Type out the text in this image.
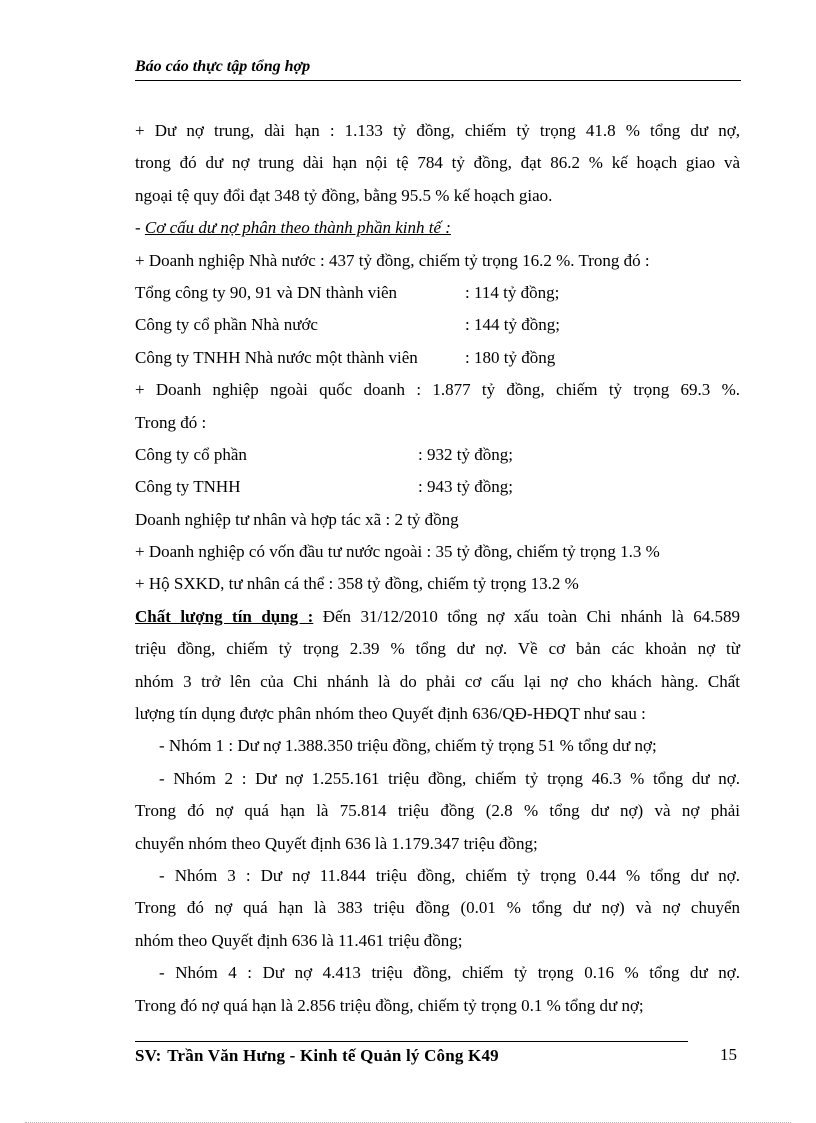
Báo cáo thực tập tổng hợp
+ Dư nợ trung, dài hạn : 1.133 tỷ đồng, chiếm tỷ trọng 41.8 % tổng dư nợ,
trong đó dư nợ trung dài hạn nội tệ 784 tỷ đồng, đạt 86.2 % kế hoạch giao và
ngoại tệ quy đổi đạt 348 tỷ đồng, bằng 95.5 % kế hoạch giao.
- Cơ cấu dư nợ phân theo thành phần kinh tế :
+ Doanh nghiệp Nhà nước : 437 tỷ đồng, chiếm tỷ trọng 16.2 %. Trong đó :
Tổng công ty 90, 91 và DN thành viên	: 114 tỷ đồng;
Công ty cổ phần Nhà nước	: 144 tỷ đồng;
Công ty TNHH Nhà nước một thành viên	: 180 tỷ đồng
+ Doanh nghiệp ngoài quốc doanh : 1.877 tỷ đồng, chiếm tỷ trọng 69.3 %.
Trong đó :
Công ty cổ phần	: 932 tỷ đồng;
Công ty TNHH	: 943 tỷ đồng;
Doanh nghiệp tư nhân và hợp tác xã : 2 tỷ đồng
+ Doanh nghiệp có vốn đầu tư nước ngoài : 35 tỷ đồng, chiếm tỷ trọng 1.3 %
+ Hộ SXKD, tư nhân cá thể : 358 tỷ đồng, chiếm tỷ trọng 13.2 %
Chất lượng tín dụng : Đến 31/12/2010 tổng nợ xấu toàn Chi nhánh là 64.589
triệu đồng, chiếm tỷ trọng 2.39 % tổng dư nợ. Về cơ bản các khoản nợ từ
nhóm 3 trở lên của Chi nhánh là do phải cơ cấu lại nợ cho khách hàng. Chất
lượng tín dụng được phân nhóm theo Quyết định 636/QĐ-HĐQT như sau :
- Nhóm 1 : Dư nợ 1.388.350 triệu đồng, chiếm tỷ trọng 51 % tổng dư nợ;
- Nhóm 2 : Dư nợ 1.255.161 triệu đồng, chiếm tỷ trọng 46.3 % tổng dư nợ.
Trong đó nợ quá hạn là 75.814 triệu đồng (2.8 % tổng dư nợ) và nợ phải
chuyển nhóm theo Quyết định 636 là 1.179.347 triệu đồng;
- Nhóm 3 : Dư nợ 11.844 triệu đồng, chiếm tỷ trọng 0.44 % tổng dư nợ.
Trong đó nợ quá hạn là 383 triệu đồng (0.01 % tổng dư nợ) và nợ chuyển
nhóm theo Quyết định 636 là 11.461 triệu đồng;
- Nhóm 4 : Dư nợ 4.413 triệu đồng, chiếm tỷ trọng 0.16 % tổng dư nợ.
Trong đó nợ quá hạn là 2.856 triệu đồng, chiếm tỷ trọng 0.1 % tổng dư nợ;
SV: Trần Văn Hưng - Kinh tế Quản lý Công K49	15
